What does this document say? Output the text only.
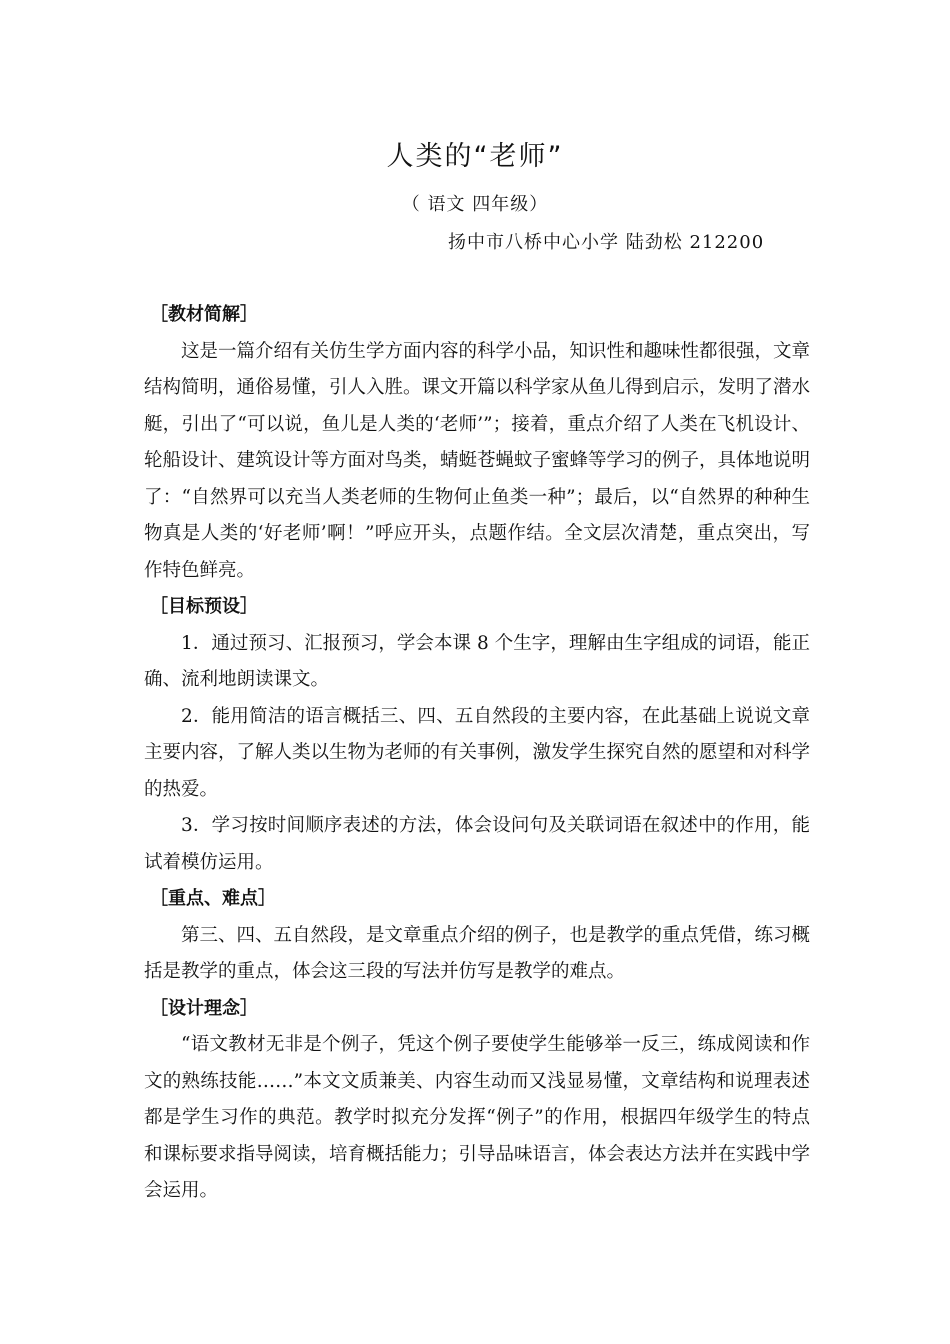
人类的“老师”
（ 语文 四年级）
扬中市八桥中心小学 陆劲松 212200

［教材简解］

这是一篇介绍有关仿生学方面内容的科学小品，知识性和趣味性都很强，文章结构简明，通俗易懂，引人入胜。课文开篇以科学家从鱼儿得到启示，发明了潜水艇，引出了“可以说，鱼儿是人类的‘老师’”；接着，重点介绍了人类在飞机设计、轮船设计、建筑设计等方面对鸟类，蜻蜓苍蝇蚊子蜜蜂等学习的例子，具体地说明了：“自然界可以充当人类老师的生物何止鱼类一种”；最后，以“自然界的种种生物真是人类的‘好老师’啊！”呼应开头，点题作结。全文层次清楚，重点突出，写作特色鲜亮。

［目标预设］

1．通过预习、汇报预习，学会本课 8 个生字，理解由生字组成的词语，能正确、流利地朗读课文。

2．能用简洁的语言概括三、四、五自然段的主要内容，在此基础上说说文章主要内容，了解人类以生物为老师的有关事例，激发学生探究自然的愿望和对科学的热爱。

3．学习按时间顺序表述的方法，体会设问句及关联词语在叙述中的作用，能试着模仿运用。

［重点、难点］

第三、四、五自然段，是文章重点介绍的例子，也是教学的重点凭借，练习概括是教学的重点，体会这三段的写法并仿写是教学的难点。

［设计理念］

“语文教材无非是个例子，凭这个例子要使学生能够举一反三，练成阅读和作文的熟练技能……”本文文质兼美、内容生动而又浅显易懂，文章结构和说理表述都是学生习作的典范。教学时拟充分发挥“例子”的作用，根据四年级学生的特点和课标要求指导阅读，培育概括能力；引导品味语言，体会表达方法并在实践中学会运用。
